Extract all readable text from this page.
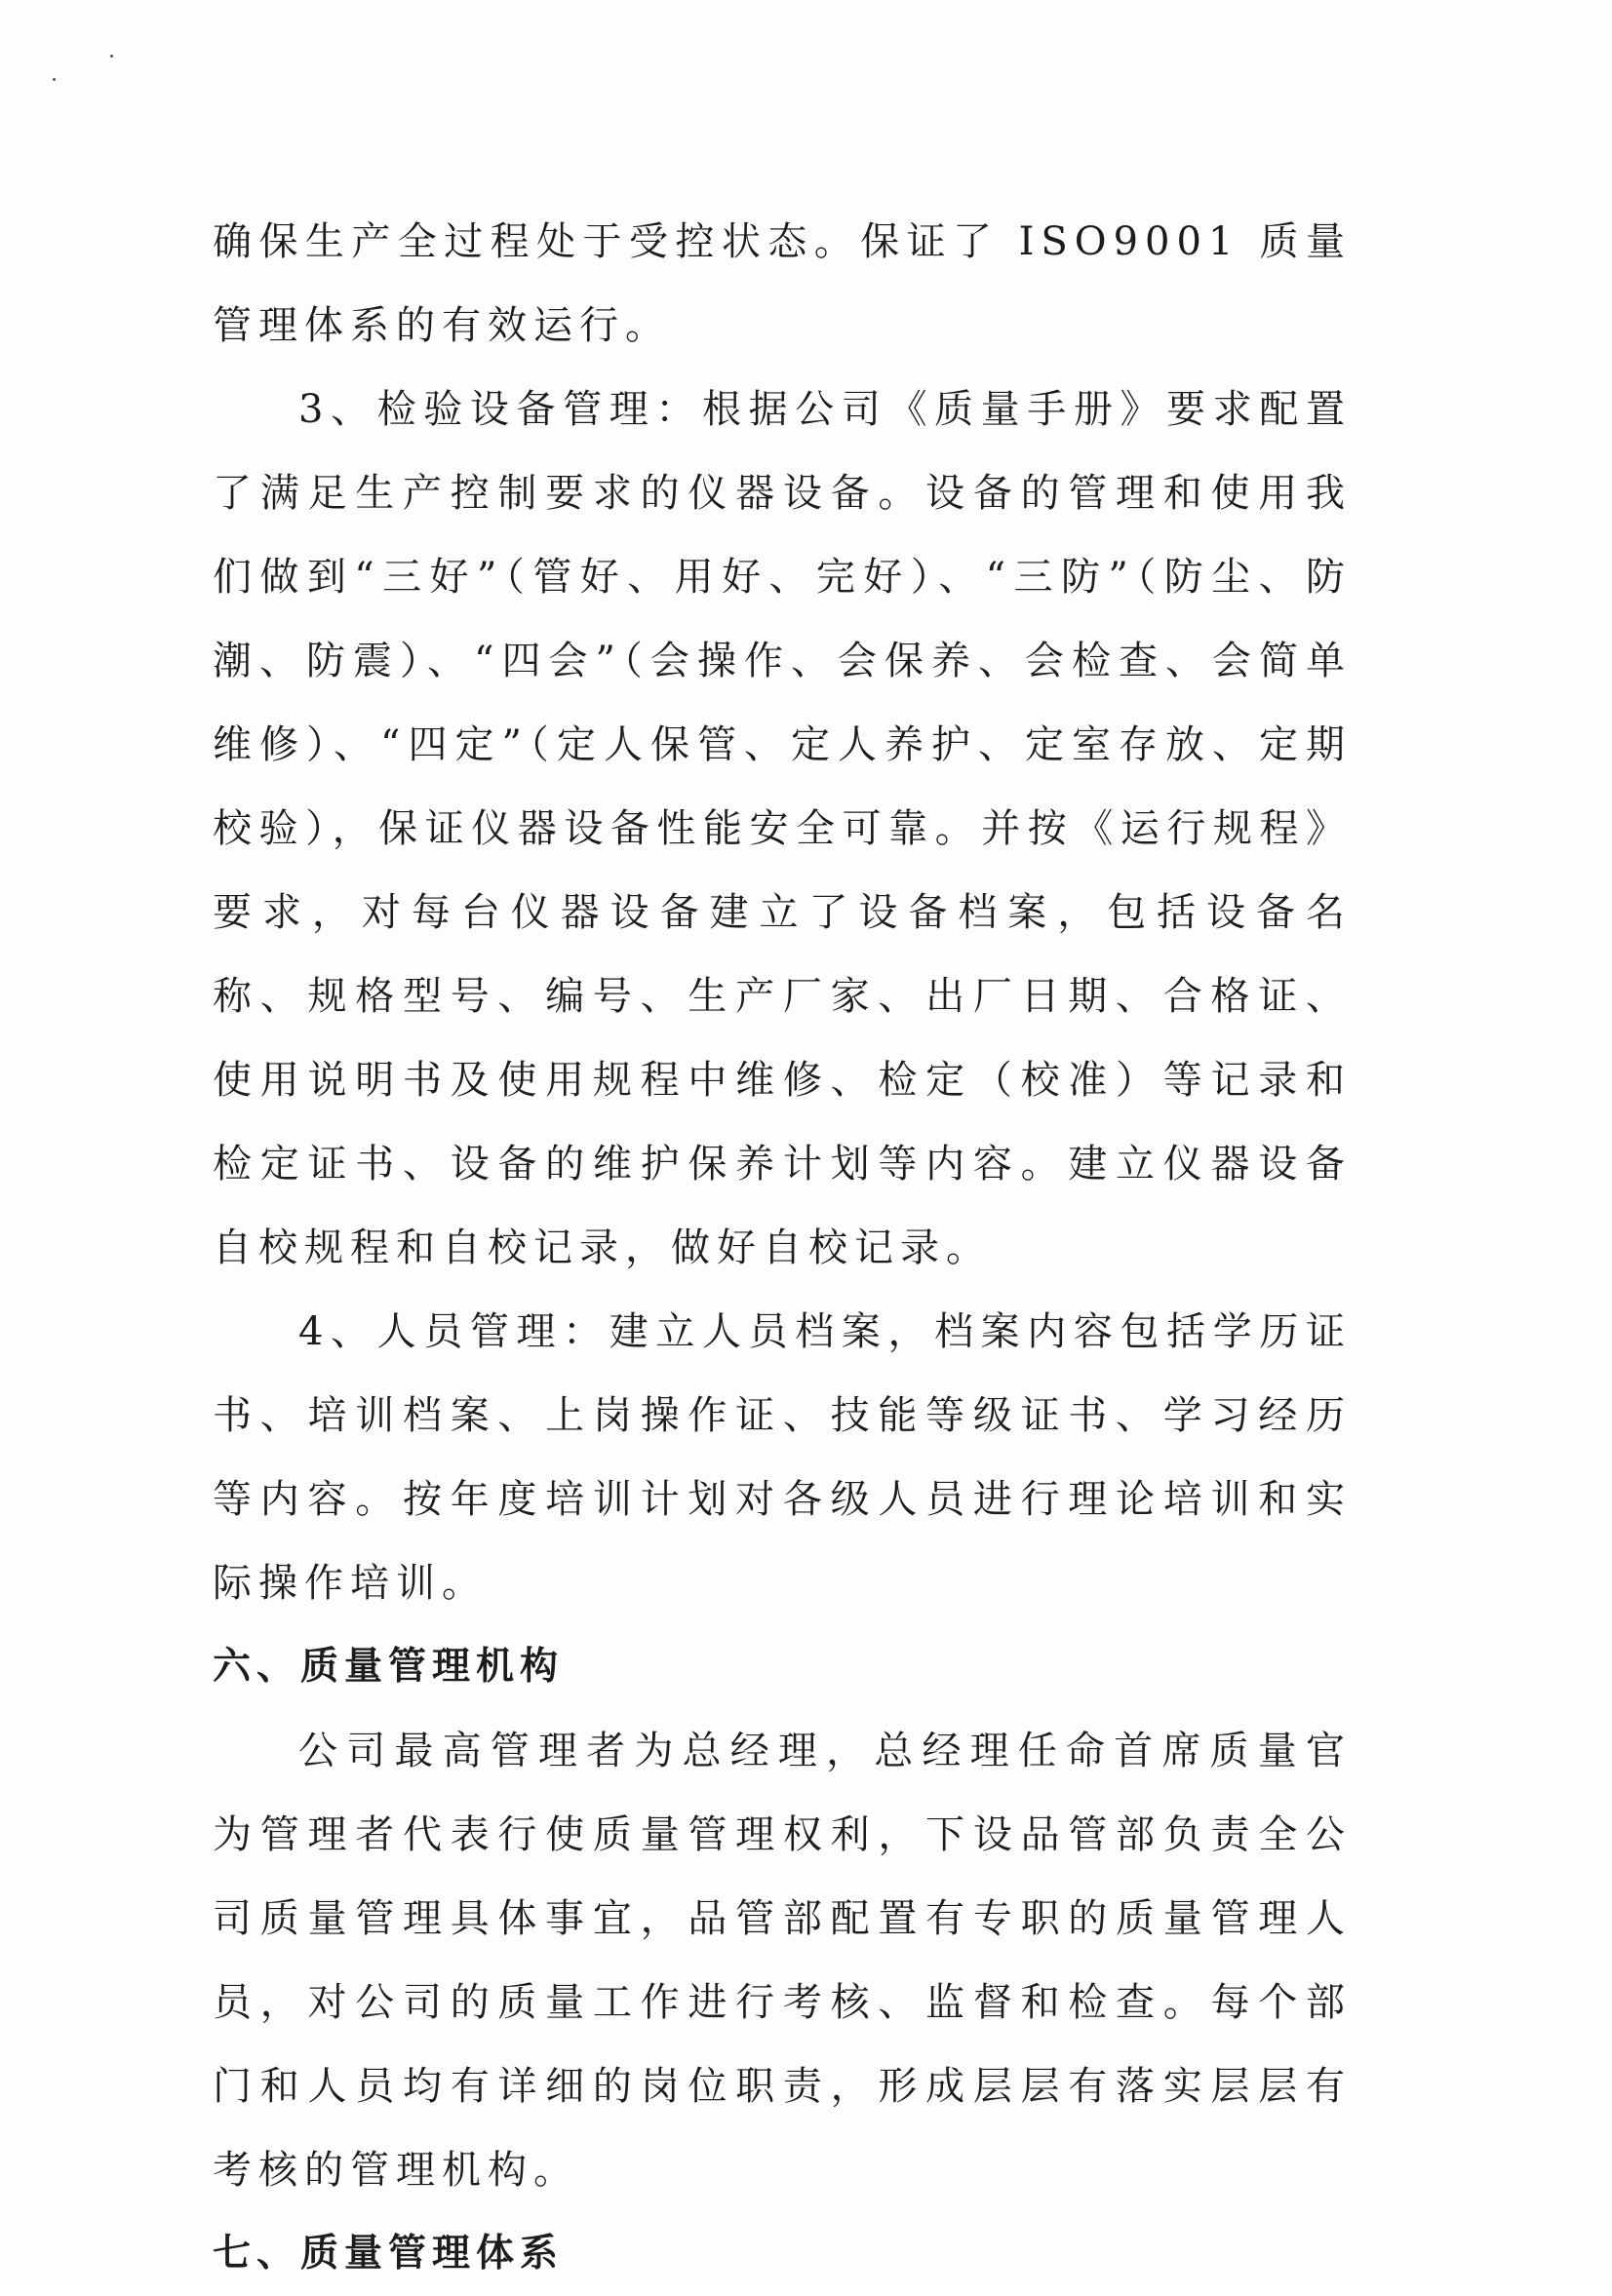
确保生产全过程处于受控状态。保证了 ISO9001 质量管理体系的有效运行。

3、检验设备管理：根据公司《质量手册》要求配置了满足生产控制要求的仪器设备。设备的管理和使用我们做到“三好”（管好、用好、完好）、“三防”（防尘、防潮、防震）、“四会”（会操作、会保养、会检查、会简单维修）、“四定”（定人保管、定人养护、定室存放、定期校验），保证仪器设备性能安全可靠。并按《运行规程》要求，对每台仪器设备建立了设备档案，包括设备名称、规格型号、编号、生产厂家、出厂日期、合格证、使用说明书及使用规程中维修、检定（校准）等记录和检定证书、设备的维护保养计划等内容。建立仪器设备自校规程和自校记录，做好自校记录。

4、人员管理：建立人员档案，档案内容包括学历证书、培训档案、上岗操作证、技能等级证书、学习经历等内容。按年度培训计划对各级人员进行理论培训和实际操作培训。

六、质量管理机构

公司最高管理者为总经理，总经理任命首席质量官为管理者代表行使质量管理权利，下设品管部负责全公司质量管理具体事宜，品管部配置有专职的质量管理人员，对公司的质量工作进行考核、监督和检查。每个部门和人员均有详细的岗位职责，形成层层有落实层层有考核的管理机构。

七、质量管理体系
